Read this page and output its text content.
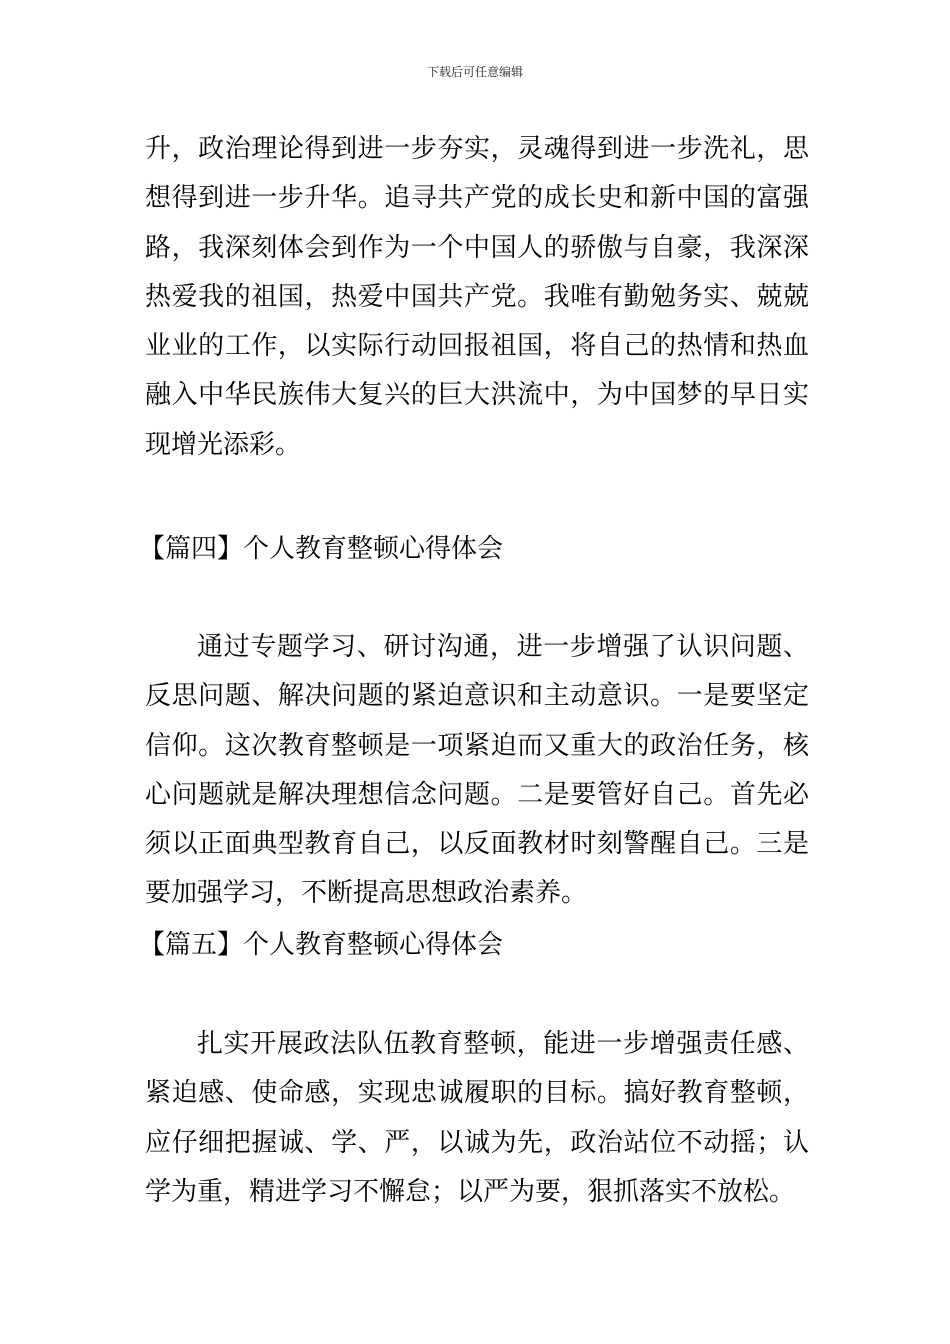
下载后可任意编辑

升，政治理论得到进一步夯实，灵魂得到进一步洗礼，思想得到进一步升华。追寻共产党的成长史和新中国的富强路，我深刻体会到作为一个中国人的骄傲与自豪，我深深热爱我的祖国，热爱中国共产党。我唯有勤勉务实、兢兢业业的工作，以实际行动回报祖国，将自己的热情和热血融入中华民族伟大复兴的巨大洪流中，为中国梦的早日实现增光添彩。

【篇四】个人教育整顿心得体会

通过专题学习、研讨沟通，进一步增强了认识问题、反思问题、解决问题的紧迫意识和主动意识。一是要坚定信仰。这次教育整顿是一项紧迫而又重大的政治任务，核心问题就是解决理想信念问题。二是要管好自己。首先必须以正面典型教育自己，以反面教材时刻警醒自己。三是要加强学习，不断提高思想政治素养。

【篇五】个人教育整顿心得体会

扎实开展政法队伍教育整顿，能进一步增强责任感、紧迫感、使命感，实现忠诚履职的目标。搞好教育整顿，应仔细把握诚、学、严，以诚为先，政治站位不动摇；认学为重，精进学习不懈怠；以严为要，狠抓落实不放松。
